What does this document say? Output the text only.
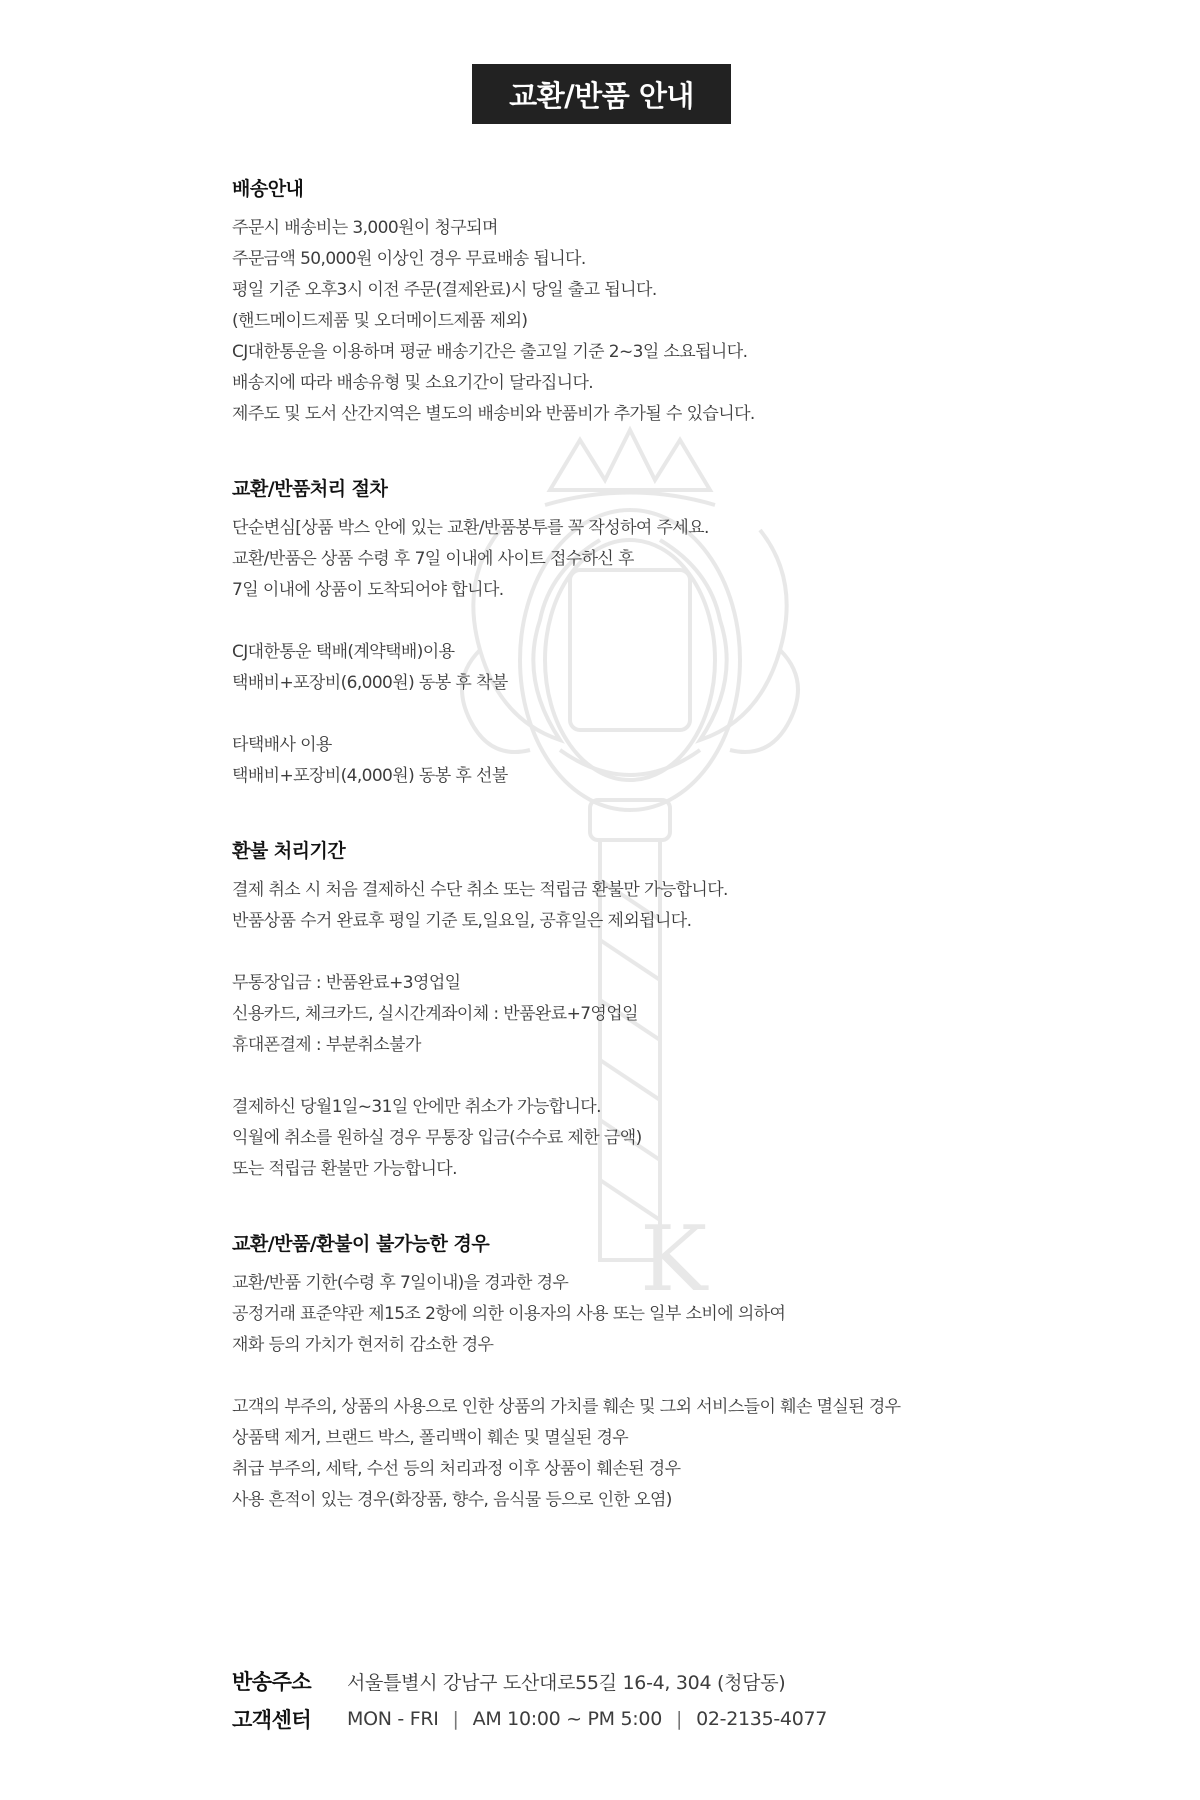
K
교환/반품 안내
배송안내
주문시 배송비는 3,000원이 청구되며
주문금액 50,000원 이상인 경우 무료배송 됩니다.
평일 기준 오후3시 이전 주문(결제완료)시 당일 출고 됩니다.
(핸드메이드제품 및 오더메이드제품 제외)
CJ대한통운을 이용하며 평균 배송기간은 출고일 기준 2~3일 소요됩니다.
배송지에 따라 배송유형 및 소요기간이 달라집니다.
제주도 및 도서 산간지역은 별도의 배송비와 반품비가 추가될 수 있습니다.
교환/반품처리 절차
단순변심[상품 박스 안에 있는 교환/반품봉투를 꼭 작성하여 주세요.
교환/반품은 상품 수령 후 7일 이내에 사이트 접수하신 후
7일 이내에 상품이 도착되어야 합니다.
CJ대한통운 택배(계약택배)이용
택배비+포장비(6,000원) 동봉 후 착불
타택배사 이용
택배비+포장비(4,000원) 동봉 후 선불
환불 처리기간
결제 취소 시 처음 결제하신 수단 취소 또는 적립금 환불만 가능합니다.
반품상품 수거 완료후 평일 기준 토,일요일, 공휴일은 제외됩니다.
무통장입금 : 반품완료+3영업일
신용카드, 체크카드, 실시간계좌이체 : 반품완료+7영업일
휴대폰결제 : 부분취소불가
결제하신 당월1일~31일 안에만 취소가 가능합니다.
익월에 취소를 원하실 경우 무통장 입금(수수료 제한 금액)
또는 적립금 환불만 가능합니다.
교환/반품/환불이 불가능한 경우
교환/반품 기한(수령 후 7일이내)을 경과한 경우
공정거래 표준약관 제15조 2항에 의한 이용자의 사용 또는 일부 소비에 의하여
재화 등의 가치가 현저히 감소한 경우
고객의 부주의, 상품의 사용으로 인한 상품의 가치를 훼손 및 그외 서비스들이 훼손 멸실된 경우
상품택 제거, 브랜드 박스, 폴리백이 훼손 및 멸실된 경우
취급 부주의, 세탁, 수선 등의 처리과정 이후 상품이 훼손된 경우
사용 흔적이 있는 경우(화장품, 향수, 음식물 등으로 인한 오염)
반송주소	서울틀별시 강남구 도산대로55길 16-4, 304 (청담동)
고객센터	MON - FRI | AM 10:00 ~ PM 5:00 | 02-2135-4077
